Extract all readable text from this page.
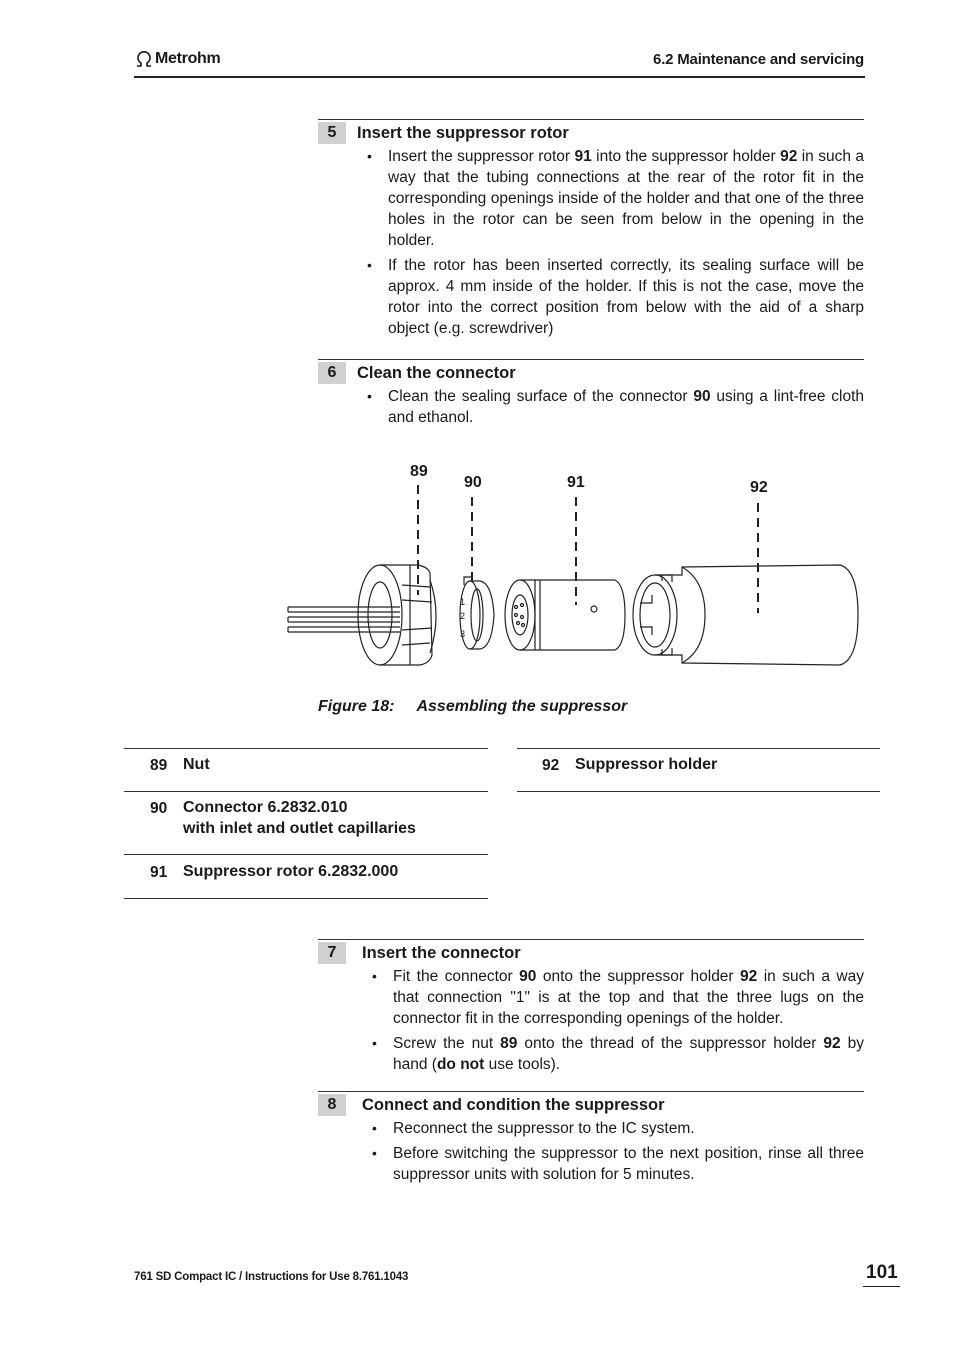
Metrohm	6.2 Maintenance and servicing
5	Insert the suppressor rotor
• Insert the suppressor rotor 91 into the suppressor holder 92 in such a way that the tubing connections at the rear of the rotor fit in the corresponding openings inside of the holder and that one of the three holes in the rotor can be seen from below in the opening in the holder.
• If the rotor has been inserted correctly, its sealing surface will be approx. 4 mm inside of the holder. If this is not the case, move the rotor into the correct position from below with the aid of a sharp object (e.g. screwdriver)
6	Clean the connector
• Clean the sealing surface of the connector 90 using a lint-free cloth and ethanol.
89
90	91	92
1
2
3
Figure 18: Assembling the suppressor
89 Nut
90 Connector 6.2832.010
with inlet and outlet capillaries
91 Suppressor rotor 6.2832.000
92 Suppressor holder
7	Insert the connector
• Fit the connector 90 onto the suppressor holder 92 in such a way that connection "1" is at the top and that the three lugs on the connector fit in the corresponding openings of the holder.
• Screw the nut 89 onto the thread of the suppressor holder 92 by hand (do not use tools).
8	Connect and condition the suppressor
• Reconnect the suppressor to the IC system.
• Before switching the suppressor to the next position, rinse all three suppressor units with solution for 5 minutes.
761 SD Compact IC / Instructions for Use 8.761.1043	101
